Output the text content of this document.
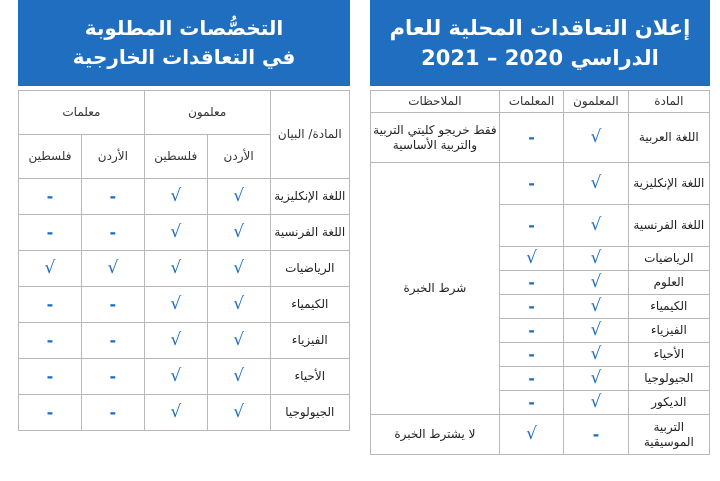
التخصُّصات المطلوبة
في التعاقدات الخارجية
المادة/ البيان	معلمون		معلمات	
	الأردن	فلسطين	الأردن	فلسطين
اللغة الإنكليزية	√	√	-	-
اللغة الفرنسية	√	√	-	-
الرياضيات	√	√	√	√
الكيمياء	√	√	-	-
الفيزياء	√	√	-	-
الأحياء	√	√	-	-
الجيولوجيا	√	√	-	-
إعلان التعاقدات المحلية للعام
الدراسي 2020 – 2021
المادة	المعلمون	المعلمات	الملاحظات
اللغة العربية	√	-	فقط خريجو كليتي التربية والتربية الأساسية
اللغة الإنكليزية	√	-	شرط الخبرة
اللغة الفرنسية	√	-	
الرياضيات	√	√	
العلوم	√	-	
الكيمياء	√	-	
الفيزياء	√	-	
الأحياء	√	-	
الجيولوجيا	√	-	
الديكور	√	-	
التربية الموسيقية	-	√	لا يشترط الخبرة
